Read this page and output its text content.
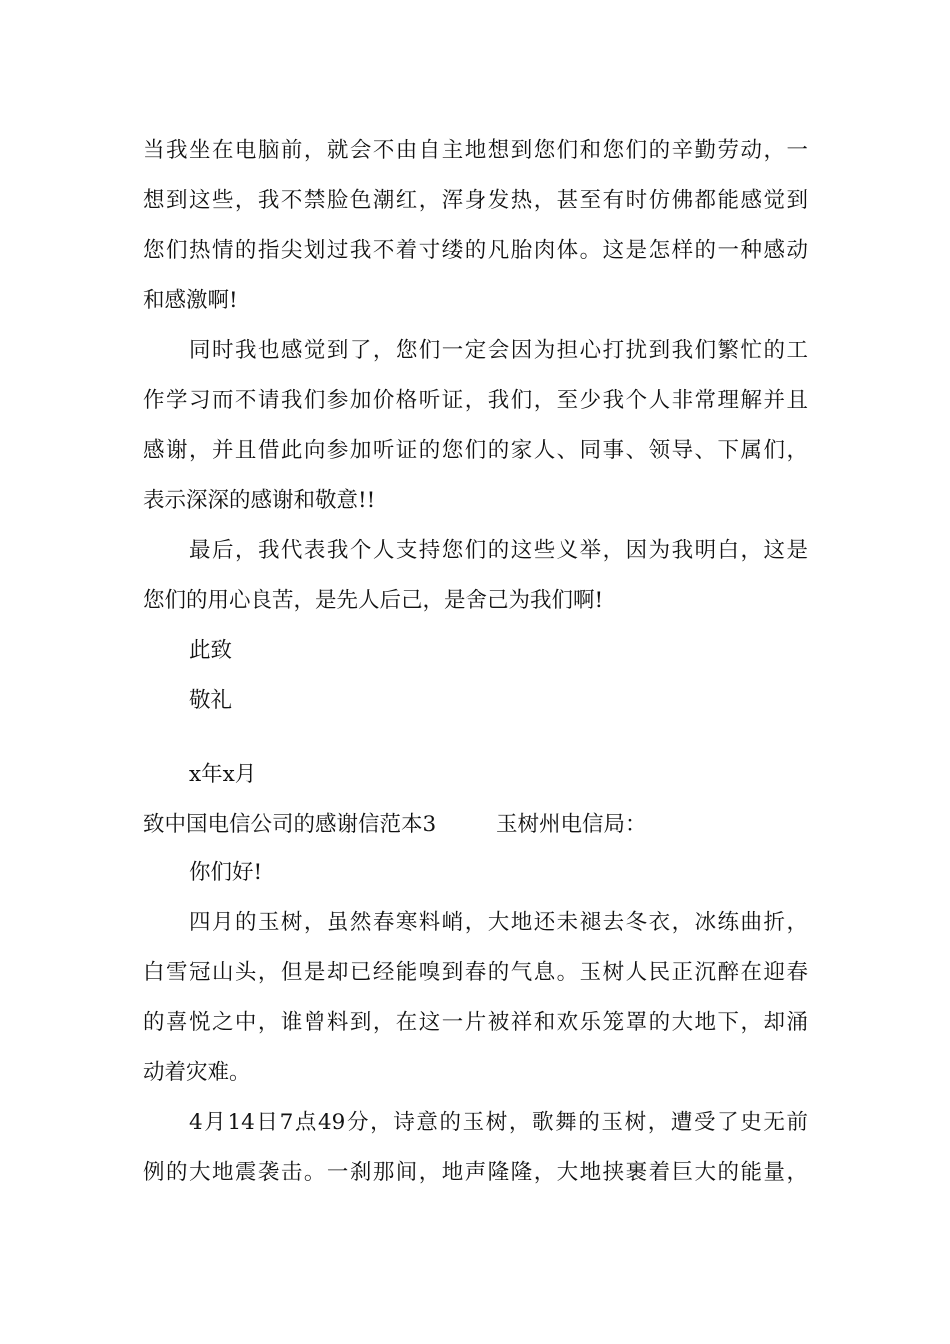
当我坐在电脑前，就会不由自主地想到您们和您们的辛勤劳动，一
想到这些，我不禁脸色潮红，浑身发热，甚至有时仿佛都能感觉到
您们热情的指尖划过我不着寸缕的凡胎肉体。这是怎样的一种感动
和感激啊!
同时我也感觉到了，您们一定会因为担心打扰到我们繁忙的工
作学习而不请我们参加价格听证，我们，至少我个人非常理解并且
感谢，并且借此向参加听证的您们的家人、同事、领导、下属们，
表示深深的感谢和敬意!!
最后，我代表我个人支持您们的这些义举，因为我明白，这是
您们的用心良苦，是先人后己，是舍己为我们啊!
此致
敬礼
x年x月
致中国电信公司的感谢信范本3	玉树州电信局：
你们好!
四月的玉树，虽然春寒料峭，大地还未褪去冬衣，冰练曲折，
白雪冠山头，但是却已经能嗅到春的气息。玉树人民正沉醉在迎春
的喜悦之中，谁曾料到，在这一片被祥和欢乐笼罩的大地下，却涌
动着灾难。
4月14日7点49分，诗意的玉树，歌舞的玉树，遭受了史无前
例的大地震袭击。一刹那间，地声隆隆，大地挟裹着巨大的能量，
